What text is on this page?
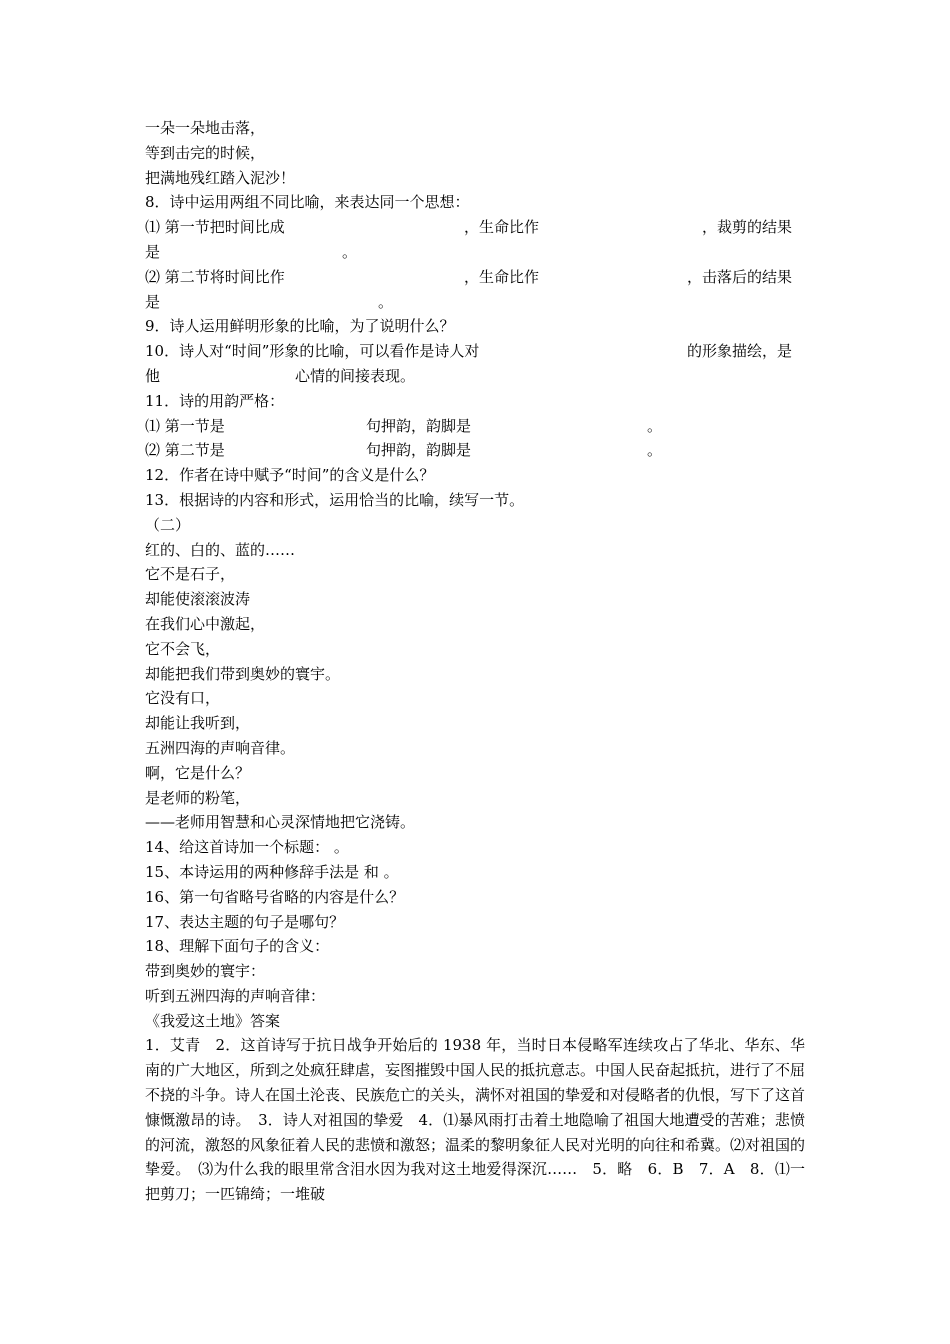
一朵一朵地击落，
等到击完的时候，
把满地残红踏入泥沙！
8．诗中运用两组不同比喻，来表达同一个思想：
⑴ 第一节把时间比成	，生命比作	，裁剪的结果
是	。
⑵ 第二节将时间比作	，生命比作	，击落后的结果
是	。
9．诗人运用鲜明形象的比喻，为了说明什么？
10．诗人对“时间”形象的比喻，可以看作是诗人对	的形象描绘，是
他	心情的间接表现。
11．诗的用韵严格：
⑴ 第一节是	句押韵，韵脚是	。
⑵ 第二节是	句押韵，韵脚是	。
12．作者在诗中赋予“时间”的含义是什么？
13．根据诗的内容和形式，运用恰当的比喻，续写一节。
（二）
红的、白的、蓝的……
它不是石子，
却能使滚滚波涛
在我们心中激起，
它不会飞，
却能把我们带到奥妙的寰宇。
它没有口，
却能让我听到，
五洲四海的声响音律。
啊，它是什么？
是老师的粉笔，
——老师用智慧和心灵深情地把它浇铸。
14、给这首诗加一个标题： 。
15、本诗运用的两种修辞手法是 和 。
16、第一句省略号省略的内容是什么？
17、表达主题的句子是哪句？
18、理解下面句子的含义：
带到奥妙的寰宇：
听到五洲四海的声响音律：
《我爱这土地》答案
1．艾青　2．这首诗写于抗日战争开始后的 1938 年，当时日本侵略军连续攻占了华北、华东、华南的广大地区，所到之处疯狂肆虐，妄图摧毁中国人民的抵抗意志。中国人民奋起抵抗，进行了不屈不挠的斗争。诗人在国土沦丧、民族危亡的关头，满怀对祖国的挚爱和对侵略者的仇恨，写下了这首慷慨激昂的诗。　3．诗人对祖国的挚爱　4．⑴暴风雨打击着土地隐喻了祖国大地遭受的苦难；悲愤的河流，激怒的风象征着人民的悲愤和激怒；温柔的黎明象征人民对光明的向往和希冀。⑵对祖国的挚爱。　⑶为什么我的眼里常含泪水因为我对这土地爱得深沉……　5．略　6．B　7．A　8．⑴一把剪刀；一匹锦绮；一堆破
